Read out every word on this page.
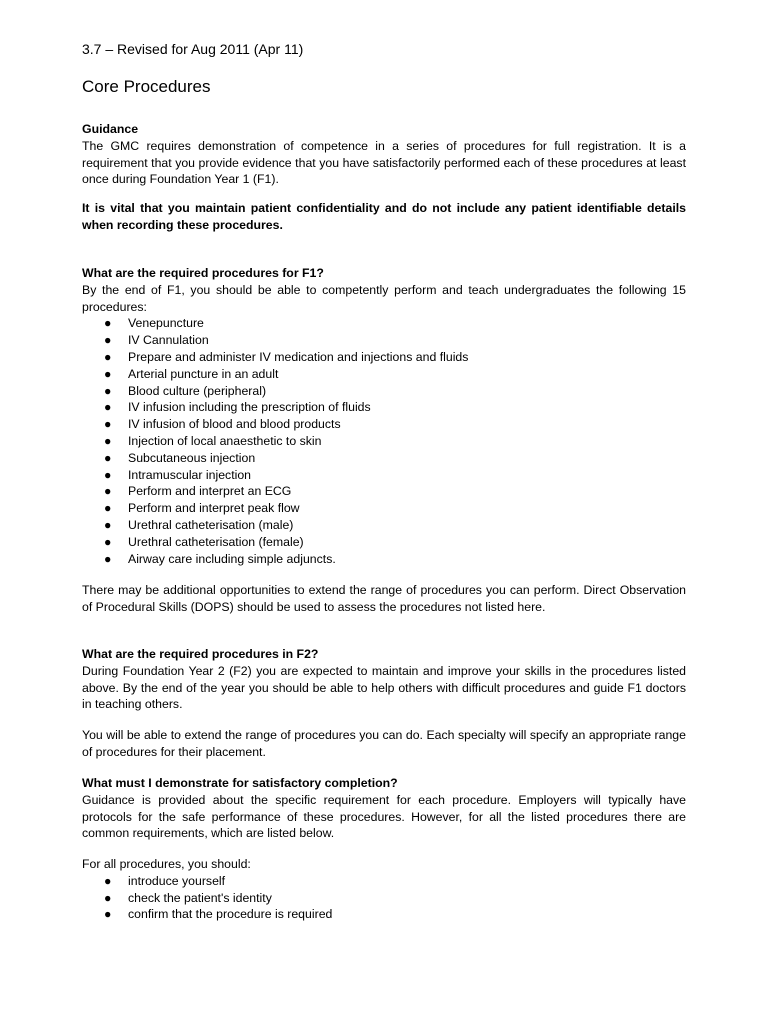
3.7 – Revised for Aug 2011 (Apr 11)
Core Procedures

Guidance

The GMC requires demonstration of competence in a series of procedures for full registration. It is a requirement that you provide evidence that you have satisfactorily performed each of these procedures at least once during Foundation Year 1 (F1).

It is vital that you maintain patient confidentiality and do not include any patient identifiable details when recording these procedures.

What are the required procedures for F1?

By the end of F1, you should be able to competently perform and teach undergraduates the following 15 procedures:

● Venepuncture
● IV Cannulation
● Prepare and administer IV medication and injections and fluids
● Arterial puncture in an adult
● Blood culture (peripheral)
● IV infusion including the prescription of fluids
● IV infusion of blood and blood products
● Injection of local anaesthetic to skin
● Subcutaneous injection
● Intramuscular injection
● Perform and interpret an ECG
● Perform and interpret peak flow
● Urethral catheterisation (male)
● Urethral catheterisation (female)
● Airway care including simple adjuncts.

There may be additional opportunities to extend the range of procedures you can perform. Direct Observation of Procedural Skills (DOPS) should be used to assess the procedures not listed here.

What are the required procedures in F2?

During Foundation Year 2 (F2) you are expected to maintain and improve your skills in the procedures listed above. By the end of the year you should be able to help others with difficult procedures and guide F1 doctors in teaching others.

You will be able to extend the range of procedures you can do. Each specialty will specify an appropriate range of procedures for their placement.

What must I demonstrate for satisfactory completion?

Guidance is provided about the specific requirement for each procedure. Employers will typically have protocols for the safe performance of these procedures. However, for all the listed procedures there are common requirements, which are listed below.

For all procedures, you should:

● introduce yourself
● check the patient's identity
● confirm that the procedure is required
